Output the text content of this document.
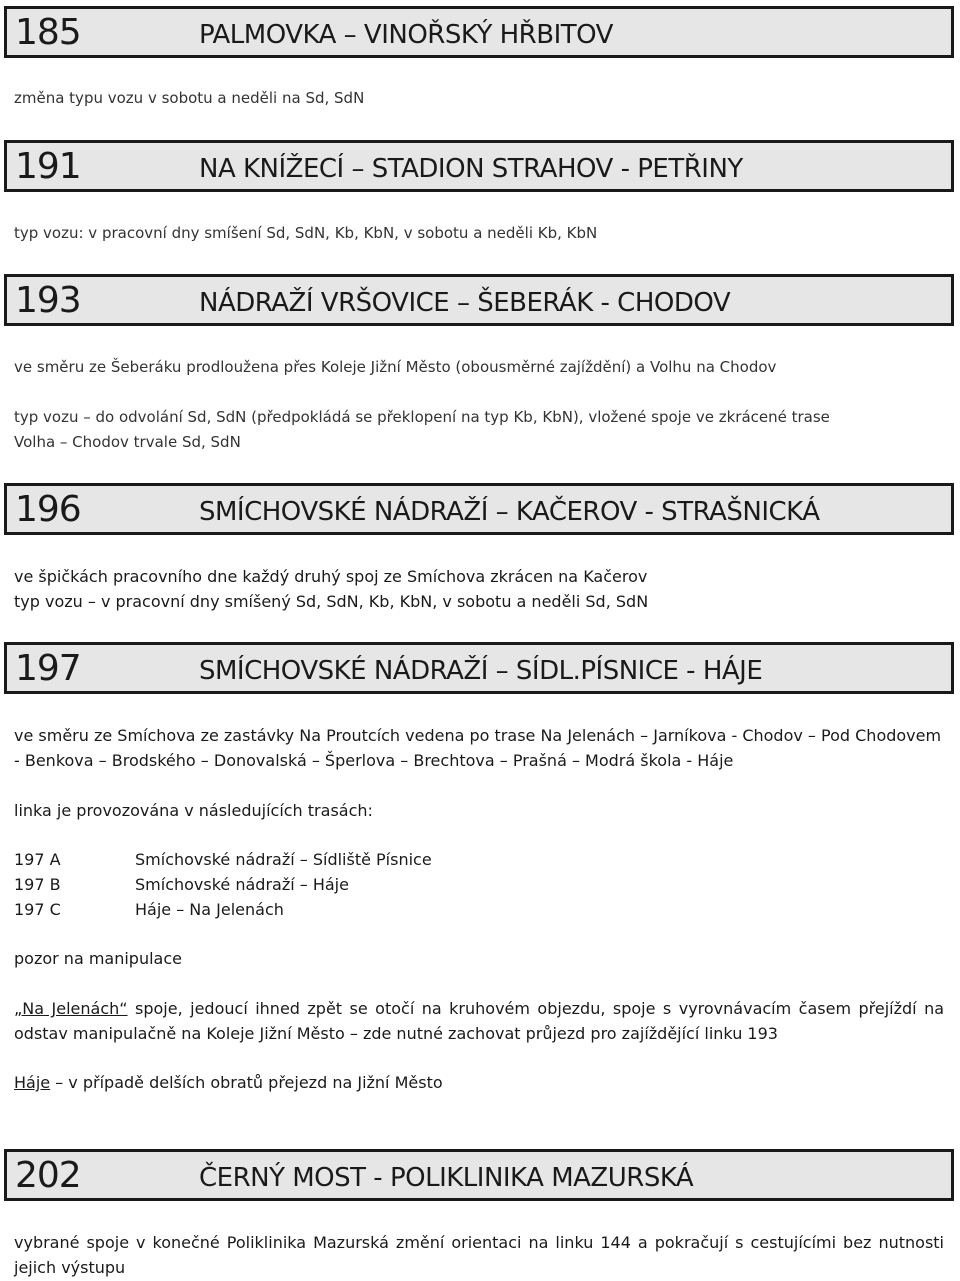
185	PALMOVKA – VINOŘSKÝ HŘBITOV
změna typu vozu v sobotu a neděli na Sd, SdN
191	NA KNÍŽECÍ – STADION STRAHOV - PETŘINY
typ vozu: v pracovní dny smíšení Sd, SdN, Kb, KbN, v sobotu a neděli Kb, KbN
193	NÁDRAŽÍ VRŠOVICE – ŠEBERÁK - CHODOV
ve směru ze Šeberáku prodloužena přes Koleje Jižní Město (obousměrné zajíždění) a Volhu na Chodov
typ vozu – do odvolání Sd, SdN (předpokládá se překlopení na typ Kb, KbN), vložené spoje ve zkrácené trase
Volha – Chodov trvale Sd, SdN
196	SMÍCHOVSKÉ NÁDRAŽÍ – KAČEROV - STRAŠNICKÁ
ve špičkách pracovního dne každý druhý spoj ze Smíchova zkrácen na Kačerov
typ vozu – v pracovní dny smíšený Sd, SdN, Kb, KbN, v sobotu a neděli Sd, SdN
197	SMÍCHOVSKÉ NÁDRAŽÍ – SÍDL.PÍSNICE - HÁJE
ve směru ze Smíchova ze zastávky Na Proutcích vedena po trase Na Jelenách – Jarníkova - Chodov – Pod Chodovem - Benkova – Brodského – Donovalská – Šperlova – Brechtova – Prašná – Modrá škola - Háje
linka je provozována v následujících trasách:
197 A	Smíchovské nádraží – Sídliště Písnice
197 B	Smíchovské nádraží – Háje
197 C	Háje – Na Jelenách
pozor na manipulace
„Na Jelenách“ spoje, jedoucí ihned zpět se otočí na kruhovém objezdu, spoje s vyrovnávacím časem přejíždí na odstav manipulačně na Koleje Jižní Město – zde nutné zachovat průjezd pro zajíždějící linku 193
Háje – v případě delších obratů přejezd na Jižní Město
202	ČERNÝ MOST - POLIKLINIKA MAZURSKÁ
vybrané spoje v konečné Poliklinika Mazurská změní orientaci na linku 144 a pokračují s cestujícími bez nutnosti jejich výstupu
